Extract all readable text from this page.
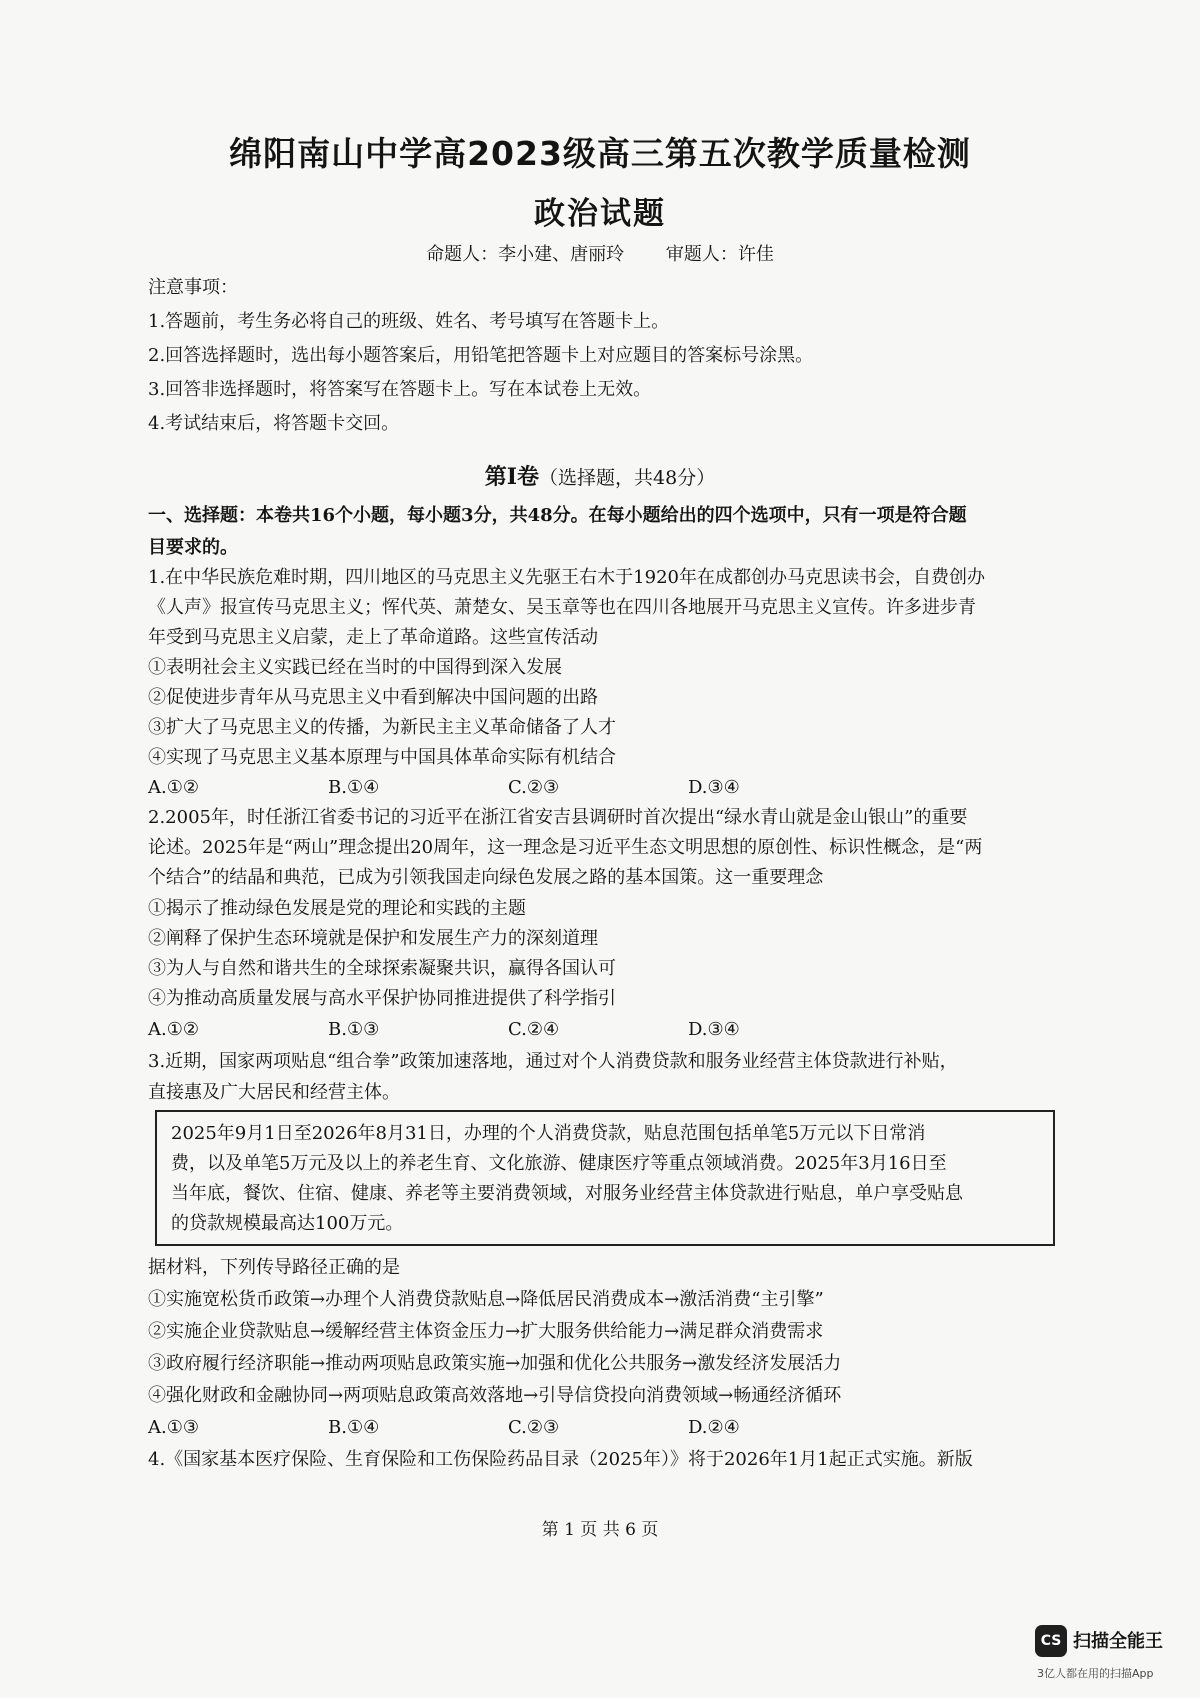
绵阳南山中学高2023级高三第五次教学质量检测
政治试题
命题人：李小建、唐丽玲 审题人：许佳
注意事项：
1.答题前，考生务必将自己的班级、姓名、考号填写在答题卡上。
2.回答选择题时，选出每小题答案后，用铅笔把答题卡上对应题目的答案标号涂黑。
3.回答非选择题时，将答案写在答题卡上。写在本试卷上无效。
4.考试结束后，将答题卡交回。
第Ⅰ卷（选择题，共48分）
一、选择题：本卷共16个小题，每小题3分，共48分。在每小题给出的四个选项中，只有一项是符合题
目要求的。
1.在中华民族危难时期，四川地区的马克思主义先驱王右木于1920年在成都创办马克思读书会，自费创办
《人声》报宣传马克思主义；恽代英、萧楚女、吴玉章等也在四川各地展开马克思主义宣传。许多进步青
年受到马克思主义启蒙，走上了革命道路。这些宣传活动
①表明社会主义实践已经在当时的中国得到深入发展
②促使进步青年从马克思主义中看到解决中国问题的出路
③扩大了马克思主义的传播，为新民主主义革命储备了人才
④实现了马克思主义基本原理与中国具体革命实际有机结合
A.①②	B.①④	C.②③	D.③④
2.2005年，时任浙江省委书记的习近平在浙江省安吉县调研时首次提出“绿水青山就是金山银山”的重要
论述。2025年是“两山”理念提出20周年，这一理念是习近平生态文明思想的原创性、标识性概念，是“两
个结合”的结晶和典范，已成为引领我国走向绿色发展之路的基本国策。这一重要理念
①揭示了推动绿色发展是党的理论和实践的主题
②阐释了保护生态环境就是保护和发展生产力的深刻道理
③为人与自然和谐共生的全球探索凝聚共识，赢得各国认可
④为推动高质量发展与高水平保护协同推进提供了科学指引
A.①②	B.①③	C.②④	D.③④
3.近期，国家两项贴息“组合拳”政策加速落地，通过对个人消费贷款和服务业经营主体贷款进行补贴，
直接惠及广大居民和经营主体。
2025年9月1日至2026年8月31日，办理的个人消费贷款，贴息范围包括单笔5万元以下日常消
费，以及单笔5万元及以上的养老生育、文化旅游、健康医疗等重点领域消费。2025年3月16日至
当年底，餐饮、住宿、健康、养老等主要消费领域，对服务业经营主体贷款进行贴息，单户享受贴息
的贷款规模最高达100万元。
据材料，下列传导路径正确的是
①实施宽松货币政策→办理个人消费贷款贴息→降低居民消费成本→激活消费“主引擎”
②实施企业贷款贴息→缓解经营主体资金压力→扩大服务供给能力→满足群众消费需求
③政府履行经济职能→推动两项贴息政策实施→加强和优化公共服务→激发经济发展活力
④强化财政和金融协同→两项贴息政策高效落地→引导信贷投向消费领域→畅通经济循环
A.①③	B.①④	C.②③	D.②④
4.《国家基本医疗保险、生育保险和工伤保险药品目录（2025年）》将于2026年1月1起正式实施。新版
第 1 页 共 6 页
CS 扫描全能王
3亿人都在用的扫描App
